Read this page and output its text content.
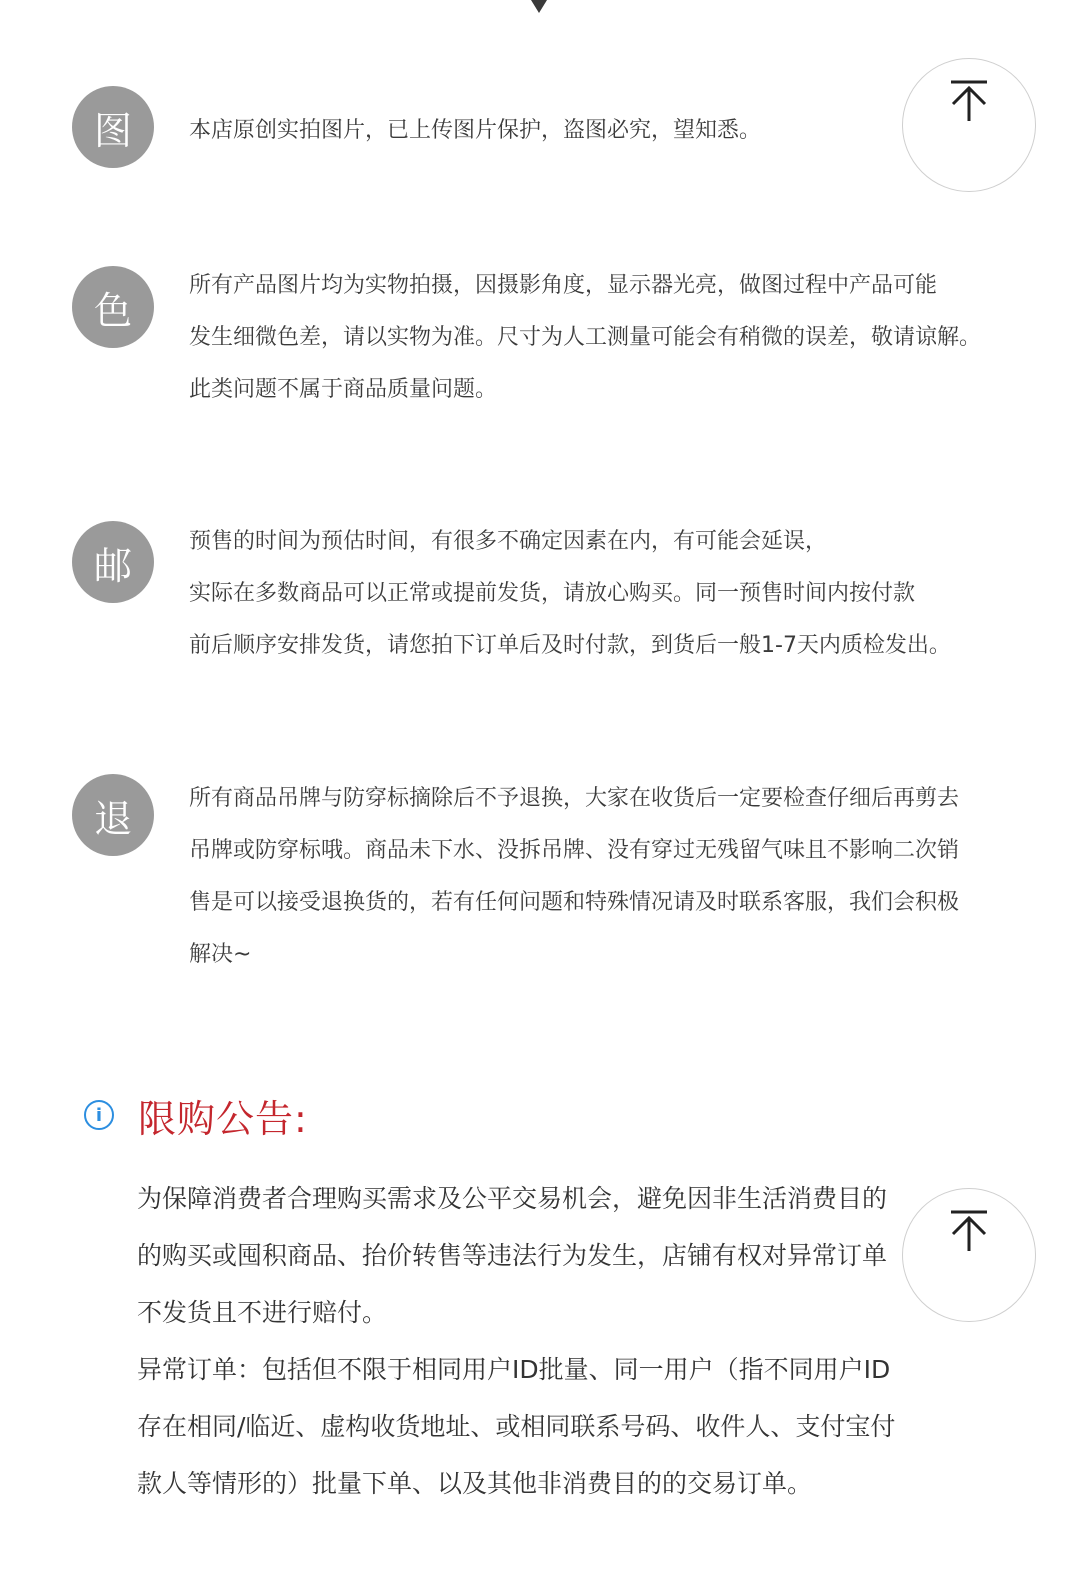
图	本店原创实拍图片，已上传图片保护，盗图必究，望知悉。

色

所有产品图片均为实物拍摄，因摄影角度，显示器光亮，做图过程中产品可能
发生细微色差，请以实物为准。尺寸为人工测量可能会有稍微的误差，敬请谅解。
此类问题不属于商品质量问题。

邮

预售的时间为预估时间，有很多不确定因素在内，有可能会延误，
实际在多数商品可以正常或提前发货，请放心购买。同一预售时间内按付款
前后顺序安排发货，请您拍下订单后及时付款，到货后一般1-7天内质检发出。

退	所有商品吊牌与防穿标摘除后不予退换，大家在收货后一定要检查仔细后再剪去
吊牌或防穿标哦。商品未下水、没拆吊牌、没有穿过无残留气味且不影响二次销
售是可以接受退换货的，若有任何问题和特殊情况请及时联系客服，我们会积极
解决~

i 限购公告:
为保障消费者合理购买需求及公平交易机会，避免因非生活消费目的
的购买或囤积商品、抬价转售等违法行为发生，店铺有权对异常订单
不发货且不进行赔付。
异常订单：包括但不限于相同用户ID批量、同一用户（指不同用户ID
存在相同/临近、虚构收货地址、或相同联系号码、收件人、支付宝付
款人等情形的）批量下单、以及其他非消费目的的交易订单。
